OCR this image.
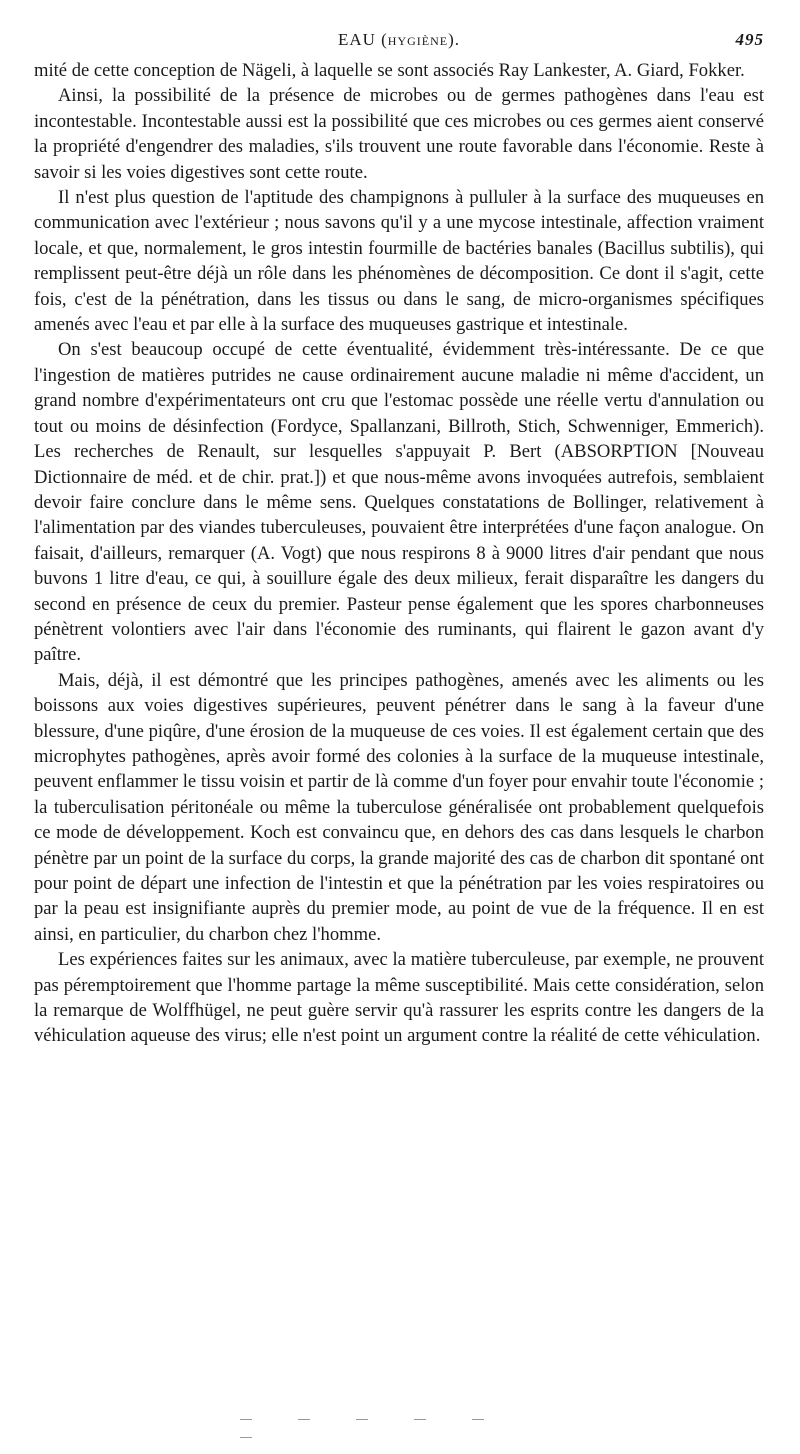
EAU (HYGIÈNE).	495

mité de cette conception de Nägeli, à laquelle se sont associés Ray Lankester, A. Giard, Fokker.

Ainsi, la possibilité de la présence de microbes ou de germes pathogènes dans l'eau est incontestable. Incontestable aussi est la possibilité que ces microbes ou ces germes aient conservé la propriété d'engendrer des maladies, s'ils trouvent une route favorable dans l'économie. Reste à savoir si les voies digestives sont cette route.

Il n'est plus question de l'aptitude des champignons à pulluler à la surface des muqueuses en communication avec l'extérieur ; nous savons qu'il y a une mycose intestinale, affection vraiment locale, et que, normalement, le gros intestin fourmille de bactéries banales (Bacillus subtilis), qui remplissent peut-être déjà un rôle dans les phénomènes de décomposition. Ce dont il s'agit, cette fois, c'est de la pénétration, dans les tissus ou dans le sang, de micro-organismes spécifiques amenés avec l'eau et par elle à la surface des muqueuses gastrique et intestinale.

On s'est beaucoup occupé de cette éventualité, évidemment très-intéressante. De ce que l'ingestion de matières putrides ne cause ordinairement aucune maladie ni même d'accident, un grand nombre d'expérimentateurs ont cru que l'estomac possède une réelle vertu d'annulation ou tout ou moins de désinfection (Fordyce, Spallanzani, Billroth, Stich, Schwenniger, Emmerich). Les recherches de Renault, sur lesquelles s'appuyait P. Bert (ABSORPTION [Nouveau Dictionnaire de méd. et de chir. prat.]) et que nous-même avons invoquées autrefois, semblaient devoir faire conclure dans le même sens. Quelques constatations de Bollinger, relativement à l'alimentation par des viandes tuberculeuses, pouvaient être interprétées d'une façon analogue. On faisait, d'ailleurs, remarquer (A. Vogt) que nous respirons 8 à 9000 litres d'air pendant que nous buvons 1 litre d'eau, ce qui, à souillure égale des deux milieux, ferait disparaître les dangers du second en présence de ceux du premier. Pasteur pense également que les spores charbonneuses pénètrent volontiers avec l'air dans l'économie des ruminants, qui flairent le gazon avant d'y paître.

Mais, déjà, il est démontré que les principes pathogènes, amenés avec les aliments ou les boissons aux voies digestives supérieures, peuvent pénétrer dans le sang à la faveur d'une blessure, d'une piqûre, d'une érosion de la muqueuse de ces voies. Il est également certain que des microphytes pathogènes, après avoir formé des colonies à la surface de la muqueuse intestinale, peuvent enflammer le tissu voisin et partir de là comme d'un foyer pour envahir toute l'économie ; la tuberculisation péritonéale ou même la tuberculose généralisée ont probablement quelquefois ce mode de développement. Koch est convaincu que, en dehors des cas dans lesquels le charbon pénètre par un point de la surface du corps, la grande majorité des cas de charbon dit spontané ont pour point de départ une infection de l'intestin et que la pénétration par les voies respiratoires ou par la peau est insignifiante auprès du premier mode, au point de vue de la fréquence. Il en est ainsi, en particulier, du charbon chez l'homme.

Les expériences faites sur les animaux, avec la matière tuberculeuse, par exemple, ne prouvent pas péremptoirement que l'homme partage la même susceptibilité. Mais cette considération, selon la remarque de Wolffhügel, ne peut guère servir qu'à rassurer les esprits contre les dangers de la véhiculation aqueuse des virus; elle n'est point un argument contre la réalité de cette véhiculation.
